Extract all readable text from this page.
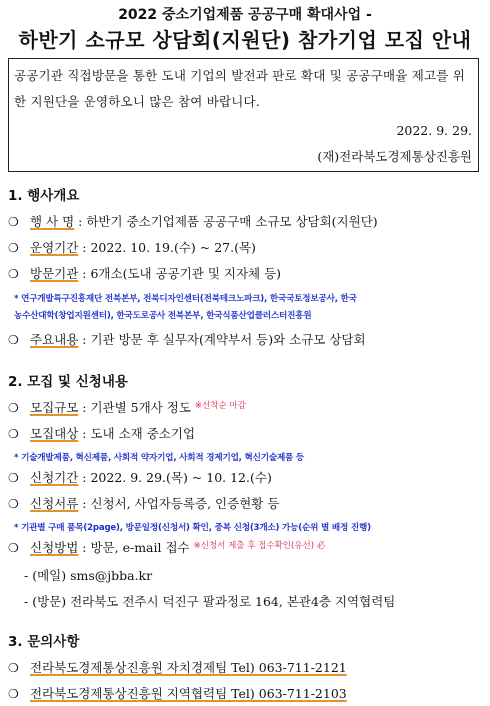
2022 중소기업제품 공공구매 확대사업 -
하반기 소규모 상담회(지원단) 참가기업 모집 안내
공공기관 직접방문을 통한 도내 기업의 발전과 판로 확대 및 공공구매율 제고를 위한 지원단을 운영하오니 많은 참여 바랍니다.
2022. 9. 29.
(재)전라북도경제통상진흥원
1. 행사개요
❍ 행 사 명 : 하반기 중소기업제품 공공구매 소규모 상담회(지원단)
❍ 운영기간 : 2022. 10. 19.(수) ~ 27.(목)
❍ 방문기관 : 6개소(도내 공공기관 및 지자체 등)
* 연구개발특구진흥재단 전북본부, 전북디자인센터(전북테크노파크), 한국국토정보공사, 한국
농수산대학(창업지원센터), 한국도로공사 전북본부, 한국식품산업클러스터진흥원
❍ 주요내용 : 기관 방문 후 실무자(계약부서 등)와 소규모 상담회
2. 모집 및 신청내용
❍ 모집규모 : 기관별 5개사 정도 $^{※선착순 마감}$
❍ 모집대상 : 도내 소재 중소기업
* 기술개발제품, 혁신제품, 사회적 약자기업, 사회적 경제기업, 혁신기술제품 등
❍ 신청기간 : 2022. 9. 29.(목) ~ 10. 12.(수)
❍ 신청서류 : 신청서, 사업자등록증, 인증현황 등
* 기관별 구매 품목(2page), 방문일정(신청서) 확인, 중복 신청(3개소) 가능(순위 별 배정 진행)
❍ 신청방법 : 방문, e-mail 접수 $^{※신청서 제출 후 접수확인(유선) 必}$
- (메일) sms@jbba.kr
- (방문) 전라북도 전주시 덕진구 팔과정로 164, 본관4층 지역협력팀
3. 문의사항
❍ 전라북도경제통상진흥원 자치경제팀 Tel) 063-711-2121
❍ 전라북도경제통상진흥원 지역협력팀 Tel) 063-711-2103
